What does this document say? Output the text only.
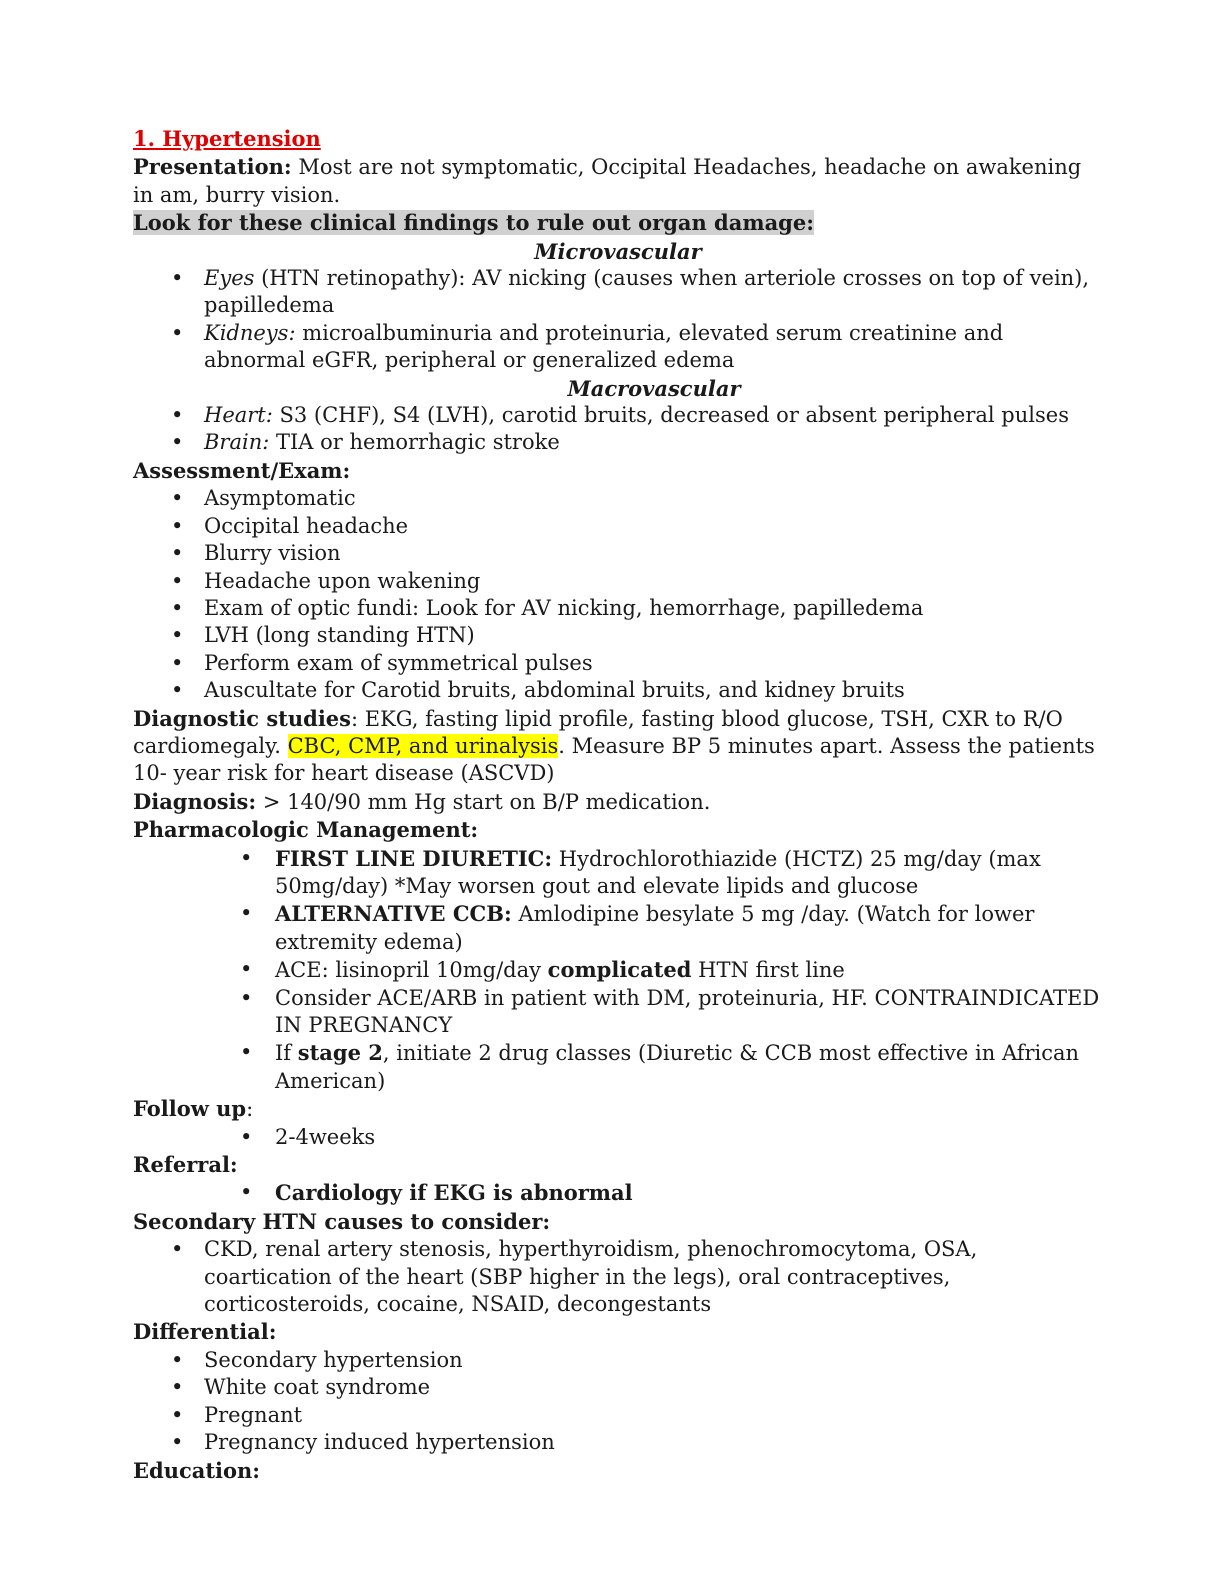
1. Hypertension

Presentation: Most are not symptomatic, Occipital Headaches, headache on awakening in am, burry vision.

Look for these clinical findings to rule out organ damage:

Microvascular

• Eyes (HTN retinopathy): AV nicking (causes when arteriole crosses on top of vein), papilledema
• Kidneys: microalbuminuria and proteinuria, elevated serum creatinine and abnormal eGFR, peripheral or generalized edema

Macrovascular

• Heart: S3 (CHF), S4 (LVH), carotid bruits, decreased or absent peripheral pulses
• Brain: TIA or hemorrhagic stroke

Assessment/Exam:

• Asymptomatic
• Occipital headache
• Blurry vision
• Headache upon wakening
• Exam of optic fundi: Look for AV nicking, hemorrhage, papilledema
• LVH (long standing HTN)
• Perform exam of symmetrical pulses
• Auscultate for Carotid bruits, abdominal bruits, and kidney bruits

Diagnostic studies: EKG, fasting lipid profile, fasting blood glucose, TSH, CXR to R/O cardiomegaly. CBC, CMP, and urinalysis. Measure BP 5 minutes apart. Assess the patients 10- year risk for heart disease (ASCVD)

Diagnosis: > 140/90 mm Hg start on B/P medication.

Pharmacologic Management:

• FIRST LINE DIURETIC: Hydrochlorothiazide (HCTZ) 25 mg/day (max 50mg/day) *May worsen gout and elevate lipids and glucose
• ALTERNATIVE CCB: Amlodipine besylate 5 mg /day. (Watch for lower extremity edema)
• ACE: lisinopril 10mg/day complicated HTN first line
• Consider ACE/ARB in patient with DM, proteinuria, HF. CONTRAINDICATED IN PREGNANCY
• If stage 2, initiate 2 drug classes (Diuretic & CCB most effective in African American)

Follow up:

• 2-4weeks

Referral:

• Cardiology if EKG is abnormal

Secondary HTN causes to consider:

• CKD, renal artery stenosis, hyperthyroidism, phenochromocytoma, OSA, coartication of the heart (SBP higher in the legs), oral contraceptives, corticosteroids, cocaine, NSAID, decongestants

Differential:

• Secondary hypertension
• White coat syndrome
• Pregnant
• Pregnancy induced hypertension

Education:
